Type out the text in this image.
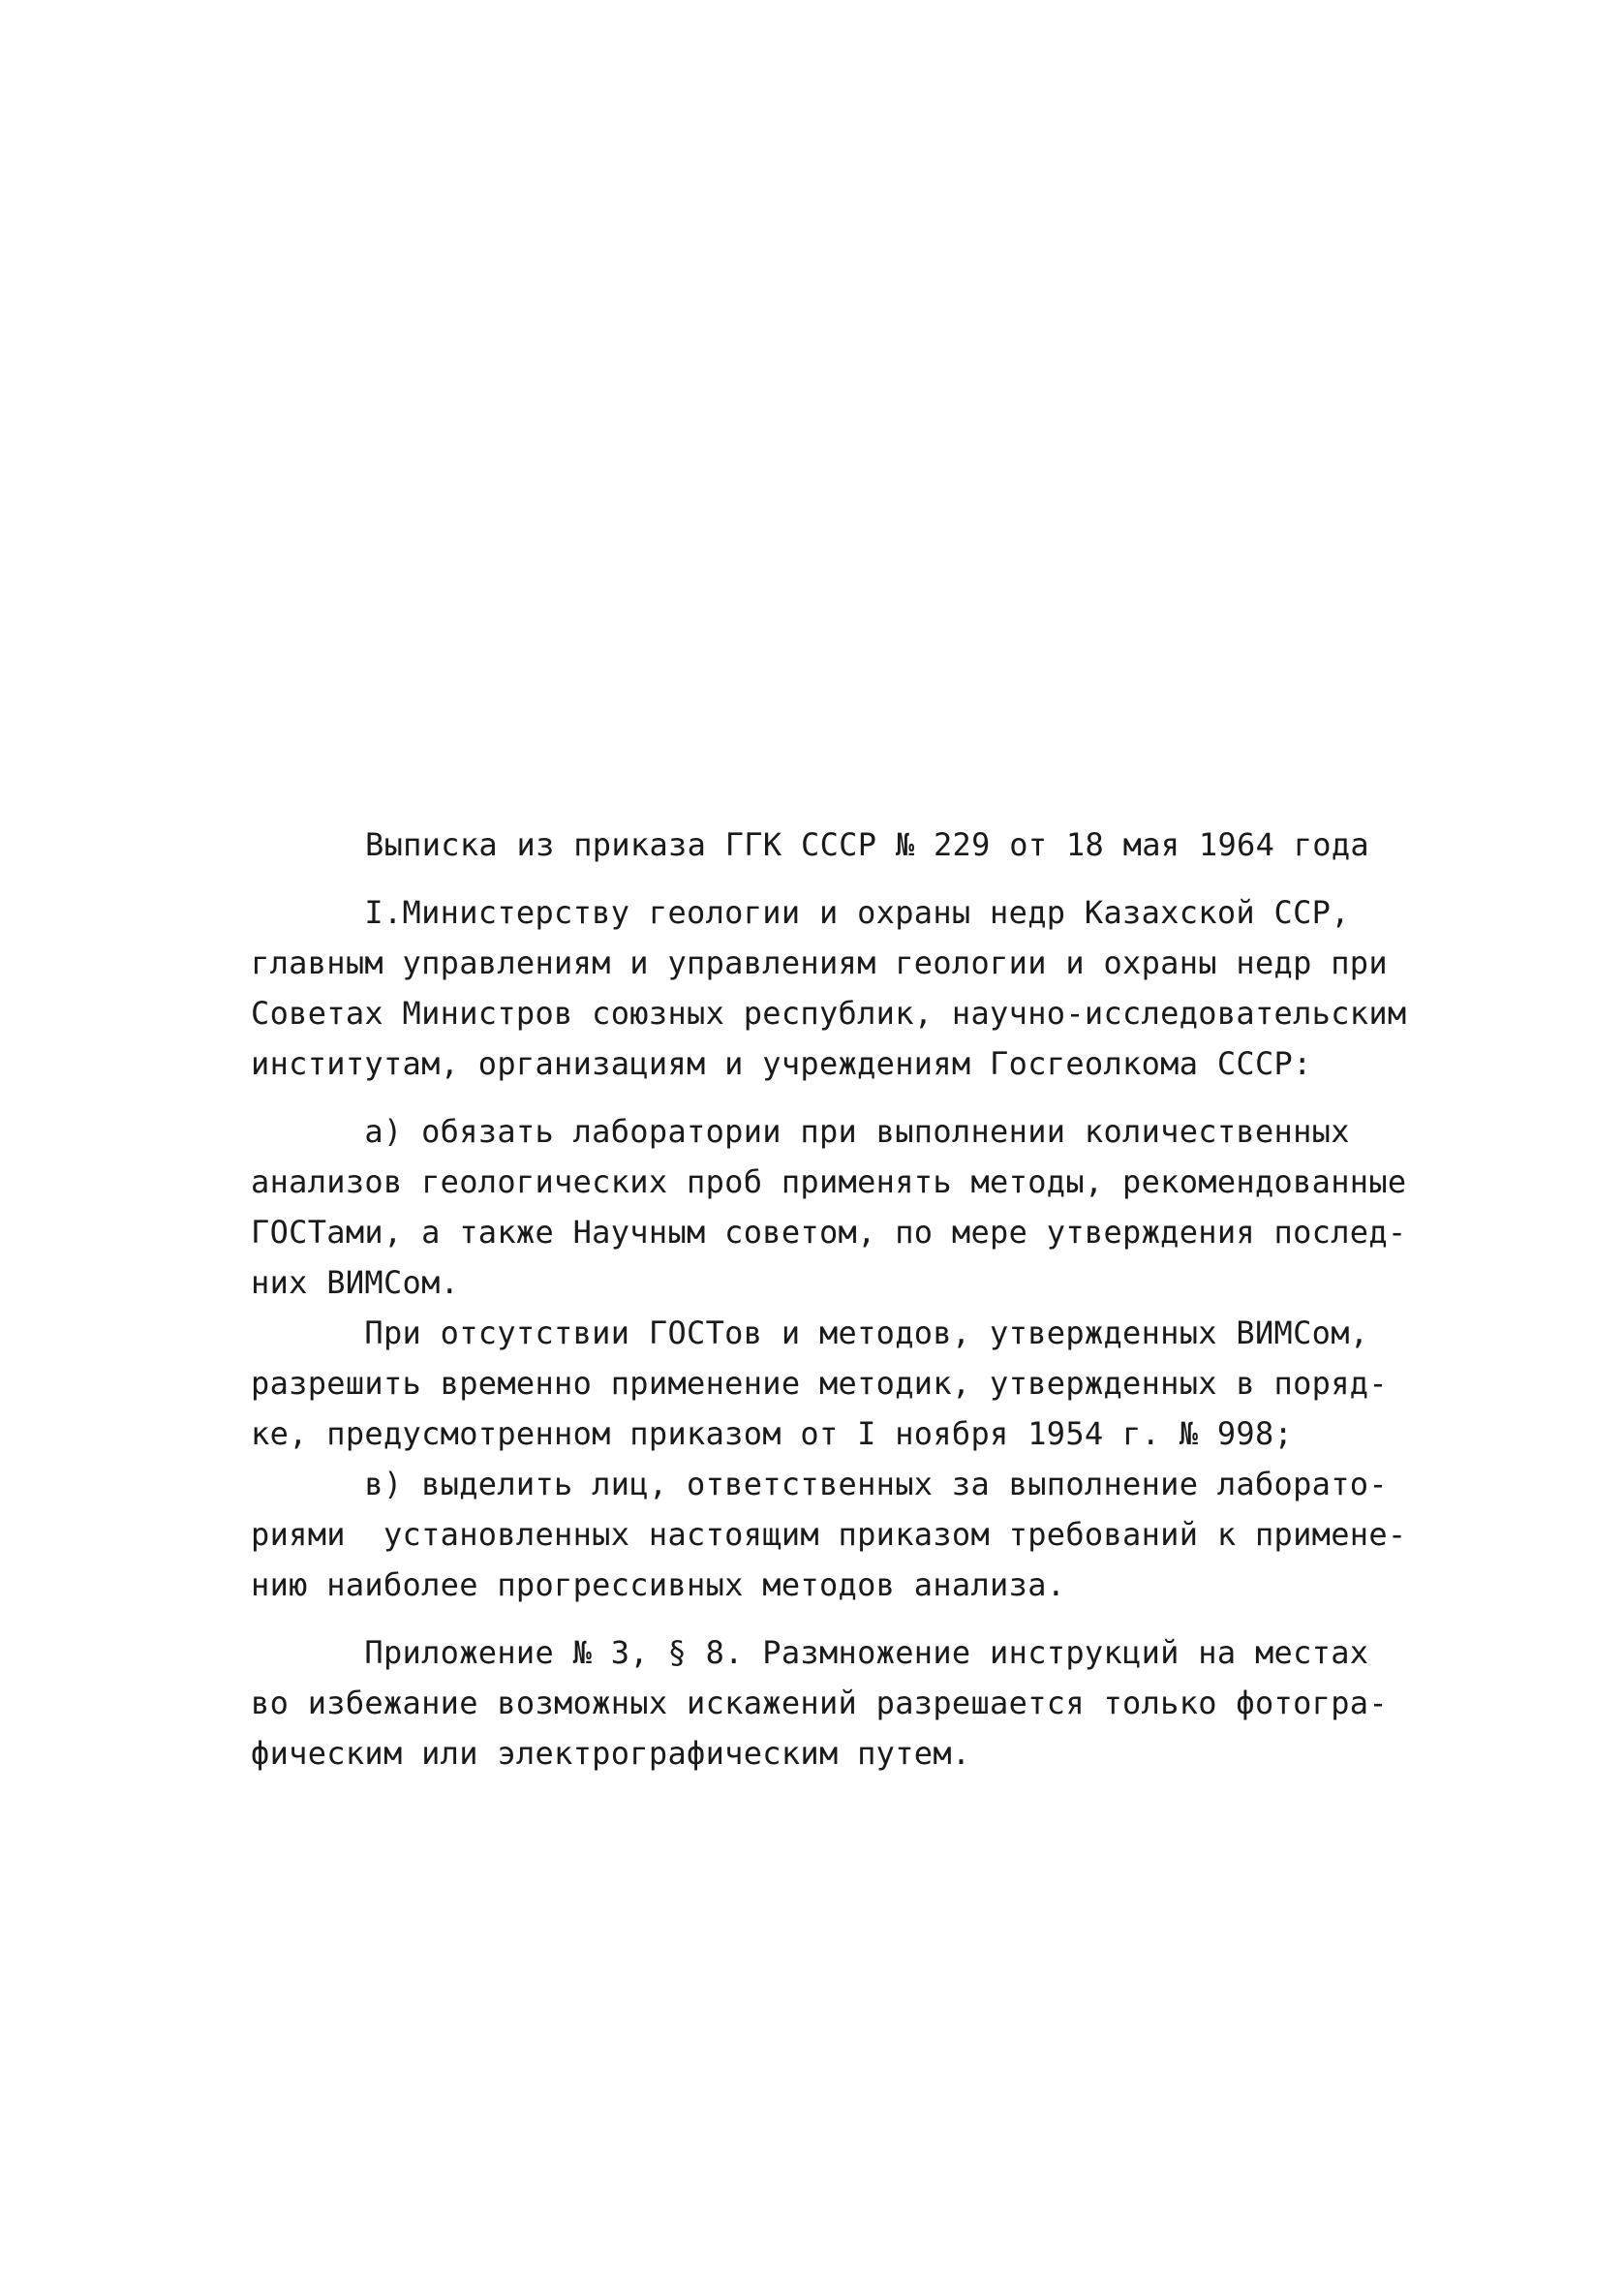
Выписка из приказа ГГК СССР № 229 от 18 мая 1964 года
I.Министерству геологии и охраны недр Казахской ССР,
главным управлениям и управлениям геологии и охраны недр при
Советах Министров союзных республик, научно-исследовательским
институтам, организациям и учреждениям Госгеолкома СССР:
а) обязать лаборатории при выполнении количественных
анализов геологических проб применять методы, рекомендованные
ГОСТами, а также Научным советом, по мере утверждения послед-
них ВИМСом.
При отсутствии ГОСТов и методов, утвержденных ВИМСом,
разрешить временно применение методик, утвержденных в поряд-
ке, предусмотренном приказом от I ноября 1954 г. № 998;
в) выделить лиц, ответственных за выполнение лаборато-
риями  установленных настоящим приказом требований к примене-
нию наиболее прогрессивных методов анализа.
Приложение № 3, § 8. Размножение инструкций на местах
во избежание возможных искажений разрешается только фотогра-
фическим или электрографическим путем.
